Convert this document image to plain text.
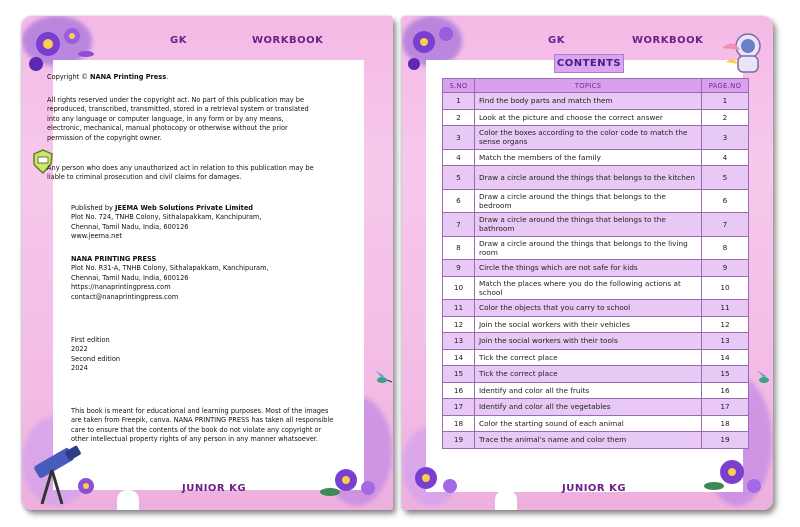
GK	WORKBOOK
JUNIOR KG
Copyright © NANA Printing Press.
All rights reserved under the copyright act. No part of this publication may be
reproduced, transcribed, transmitted, stored in a retrieval system or translated
into any language or computer language, in any form or by any means,
electronic, mechanical, manual photocopy or otherwise without the prior
permission of the copyright owner.
Any person who does any unauthorized act in relation to this publication may be
liable to criminal prosecution and civil claims for damages.
Published by JEEMA Web Solutions Private Limited
Plot No. 724, TNHB Colony, Sithalapakkam, Kanchipuram,
Chennai, Tamil Nadu, India, 600126
www.jeema.net
NANA PRINTING PRESS
Plot No. R31-A, TNHB Colony, Sithalapakkam, Kanchipuram,
Chennai, Tamil Nadu, India, 600126
https://nanaprintingpress.com
contact@nanaprintingpress.com
First edition
2022
Second edition
2024
This book is meant for educational and learning purposes. Most of the images
are taken from Freepik, canva. NANA PRINTING PRESS has taken all responsible
care to ensure that the contents of the book do not violate any copyright or
other intellectual property rights of any person in any manner whatsoever.
GK	WORKBOOK
JUNIOR KG
CONTENTS
S.NO	TOPICS	PAGE.NO
1	Find the body parts and match them	1
2	Look at the picture and choose the correct answer	2
3	Color the boxes according to the color code to match the sense organs	3
4	Match the members of the family	4
5	Draw a circle around the things that belongs to the kitchen	5
6	Draw a circle around the things that belongs to the bedroom	6
7	Draw a circle around the things that belongs to the bathroom	7
8	Draw a circle around the things that belongs to the living room	8
9	Circle the things which are not safe for kids	9
10	Match the places where you do the following actions at school	10
11	Color the objects that you carry to school	11
12	Join the social workers with their vehicles	12
13	Join the social workers with their tools	13
14	Tick the correct place	14
15	Tick the correct place	15
16	Identify and color all the fruits	16
17	Identify and color all the vegetables	17
18	Color the starting sound of each animal	18
19	Trace the animal's name and color them	19
